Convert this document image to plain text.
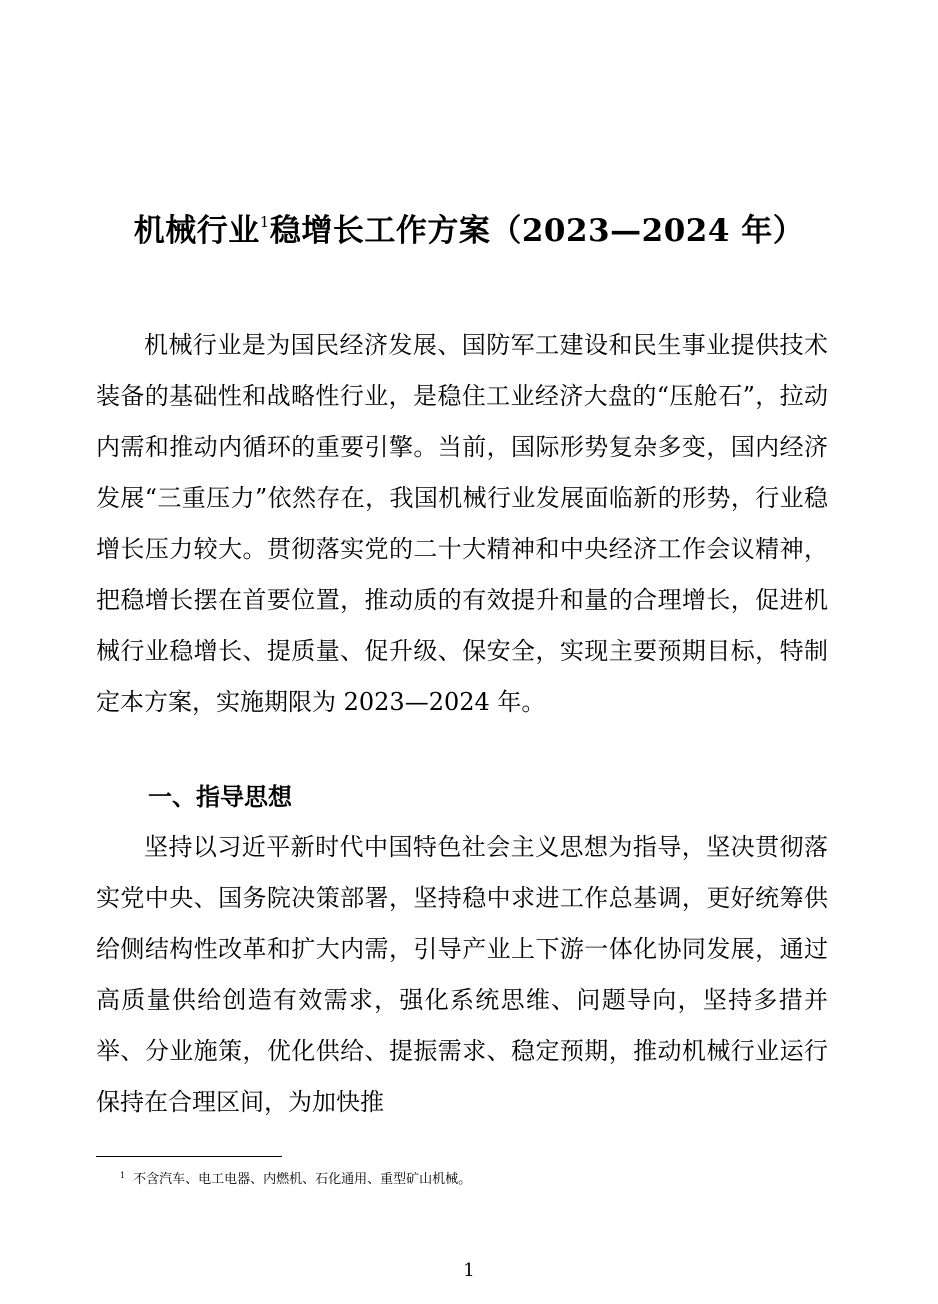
机械行业$^1$稳增长工作方案（2023—2024 年）
机械行业是为国民经济发展、国防军工建设和民生事业提供技术装备的基础性和战略性行业，是稳住工业经济大盘的“压舱石”，拉动内需和推动内循环的重要引擎。当前，国际形势复杂多变，国内经济发展“三重压力”依然存在，我国机械行业发展面临新的形势，行业稳增长压力较大。贯彻落实党的二十大精神和中央经济工作会议精神，把稳增长摆在首要位置，推动质的有效提升和量的合理增长，促进机械行业稳增长、提质量、促升级、保安全，实现主要预期目标，特制定本方案，实施期限为 2023—2024 年。
一、指导思想
坚持以习近平新时代中国特色社会主义思想为指导，坚决贯彻落实党中央、国务院决策部署，坚持稳中求进工作总基调，更好统筹供给侧结构性改革和扩大内需，引导产业上下游一体化协同发展，通过高质量供给创造有效需求，强化系统思维、问题导向，坚持多措并举、分业施策，优化供给、提振需求、稳定预期，推动机械行业运行保持在合理区间，为加快推
$^1$ 不含汽车、电工电器、内燃机、石化通用、重型矿山机械。
1
